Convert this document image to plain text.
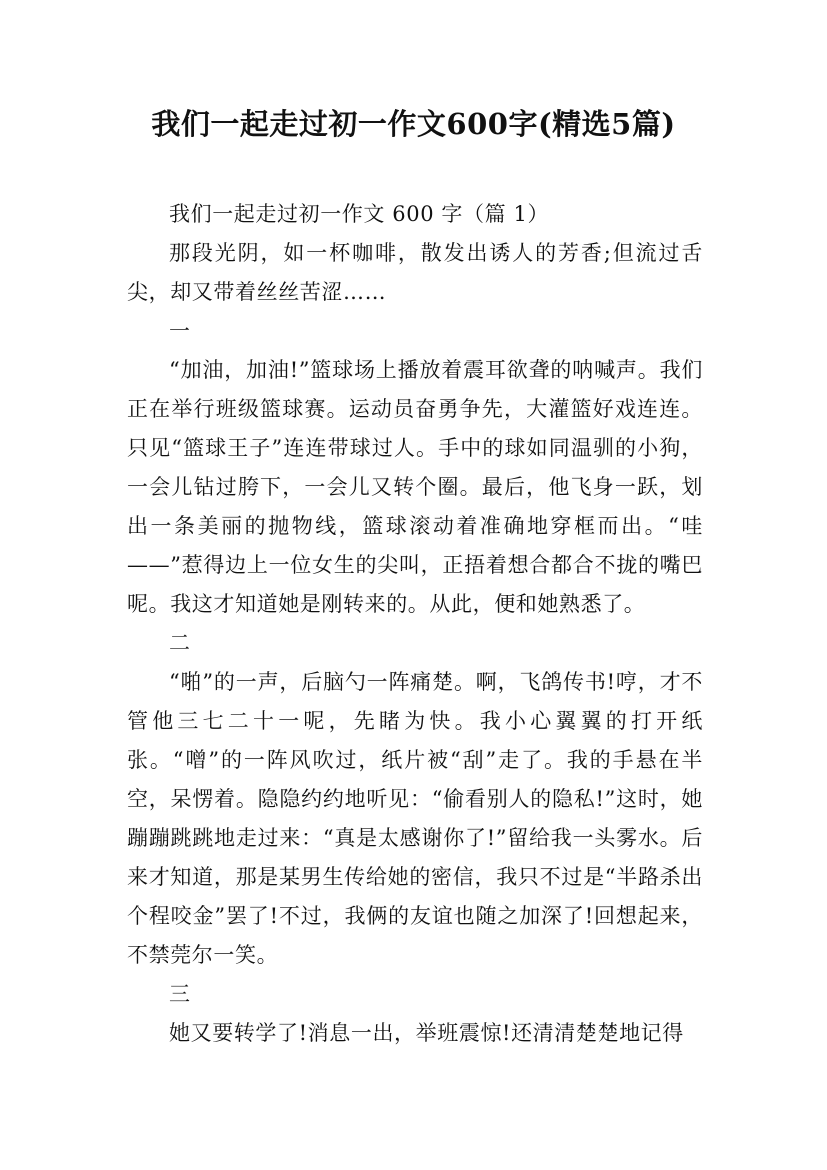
我们一起走过初一作文600字(精选5篇)

我们一起走过初一作文 600 字（篇 1）

那段光阴，如一杯咖啡，散发出诱人的芳香;但流过舌尖，却又带着丝丝苦涩……

一

“加油，加油!”篮球场上播放着震耳欲聋的呐喊声。我们正在举行班级篮球赛。运动员奋勇争先，大灌篮好戏连连。只见“篮球王子”连连带球过人。手中的球如同温驯的小狗，一会儿钻过胯下，一会儿又转个圈。最后，他飞身一跃，划出一条美丽的抛物线，篮球滚动着准确地穿框而出。“哇——”惹得边上一位女生的尖叫，正捂着想合都合不拢的嘴巴呢。我这才知道她是刚转来的。从此，便和她熟悉了。

二

“啪”的一声，后脑勺一阵痛楚。啊，飞鸽传书!哼，才不管他三七二十一呢，先睹为快。我小心翼翼的打开纸张。“噌”的一阵风吹过，纸片被“刮”走了。我的手悬在半空，呆愣着。隐隐约约地听见：“偷看别人的隐私!”这时，她蹦蹦跳跳地走过来：“真是太感谢你了!”留给我一头雾水。后来才知道，那是某男生传给她的密信，我只不过是“半路杀出个程咬金”罢了!不过，我俩的友谊也随之加深了!回想起来，不禁莞尔一笑。

三

她又要转学了!消息一出，举班震惊!还清清楚楚地记得
